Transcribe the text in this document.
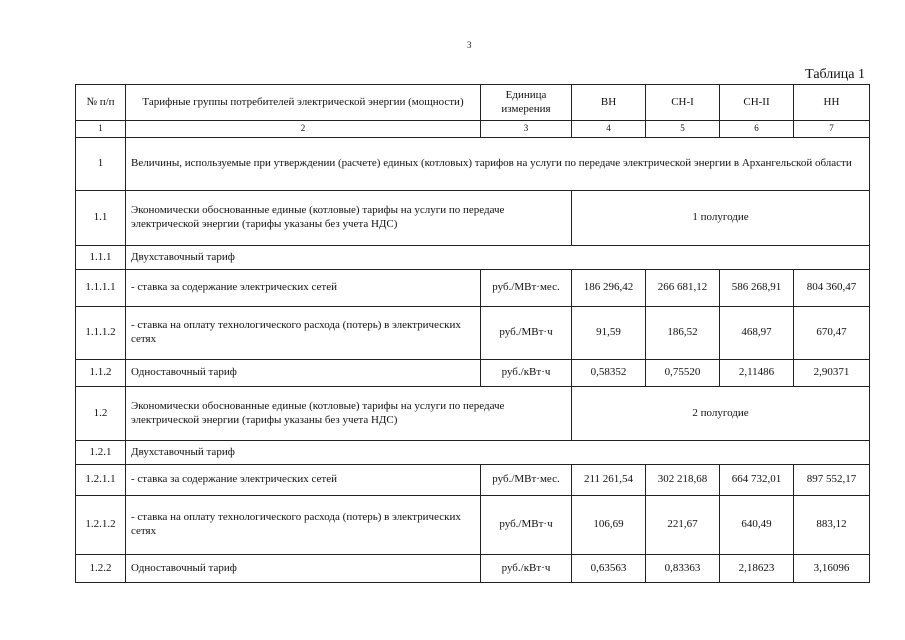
3
Таблица 1
№ п/п	Тарифные группы потребителей электрической энергии (мощности)	Единица измерения	ВН	СН-I	СН-II	НН
1	2	3	4	5	6	7
1	Величины, используемые при утверждении (расчете) единых (котловых) тарифов на услуги по передаче электрической энергии в Архангельской области					
1.1	Экономически обоснованные единые (котловые) тарифы на услуги по передаче электрической энергии (тарифы указаны без учета НДС)		1 полугодие			
1.1.1	Двухставочный тариф					
1.1.1.1	- ставка за содержание электрических сетей	руб./МВт·мес.	186 296,42	266 681,12	586 268,91	804 360,47
1.1.1.2	- ставка на оплату технологического расхода (потерь) в электрических сетях	руб./МВт·ч	91,59	186,52	468,97	670,47
1.1.2	Одноставочный тариф	руб./кВт·ч	0,58352	0,75520	2,11486	2,90371
1.2	Экономически обоснованные единые (котловые) тарифы на услуги по передаче электрической энергии (тарифы указаны без учета НДС)		2 полугодие			
1.2.1	Двухставочный тариф					
1.2.1.1	- ставка за содержание электрических сетей	руб./МВт·мес.	211 261,54	302 218,68	664 732,01	897 552,17
1.2.1.2	- ставка на оплату технологического расхода (потерь) в электрических сетях	руб./МВт·ч	106,69	221,67	640,49	883,12
1.2.2	Одноставочный тариф	руб./кВт·ч	0,63563	0,83363	2,18623	3,16096
